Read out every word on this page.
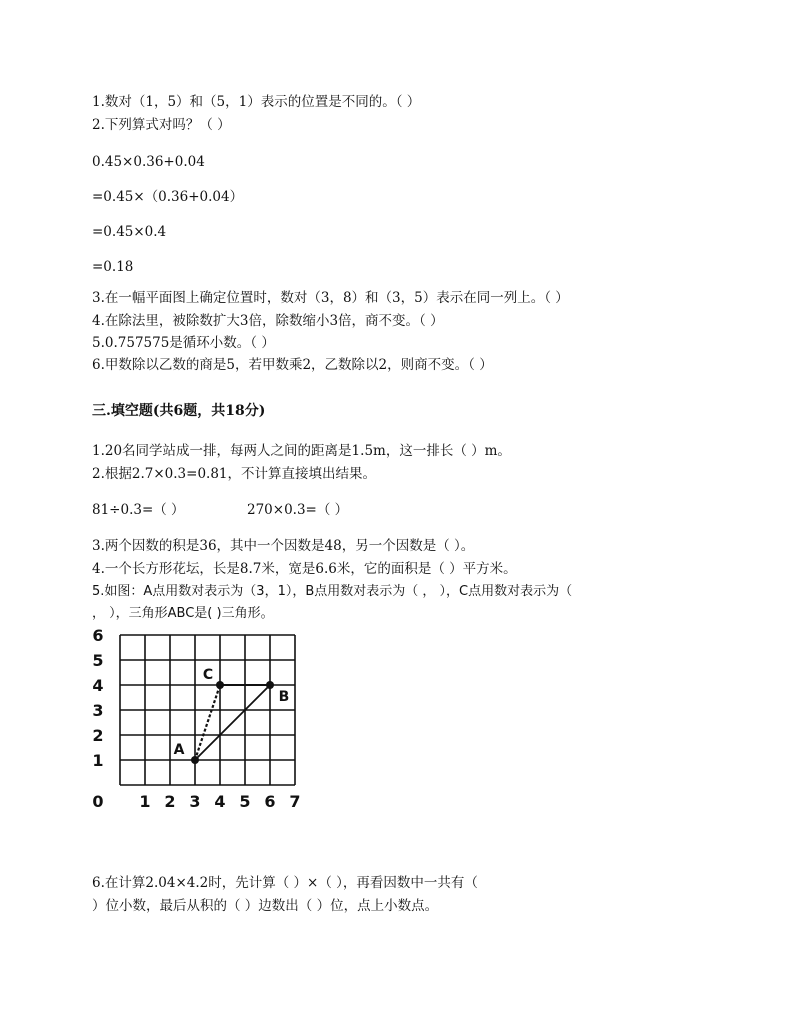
1.数对（1，5）和（5，1）表示的位置是不同的。（ ）
2.下列算式对吗？（ ）
0.45×0.36+0.04
=0.45×（0.36+0.04）
=0.45×0.4
=0.18
3.在一幅平面图上确定位置时，数对（3，8）和（3，5）表示在同一列上。（ ）
4.在除法里，被除数扩大3倍，除数缩小3倍，商不变。（ ）
5.0.757575是循环小数。（ ）
6.甲数除以乙数的商是5，若甲数乘2，乙数除以2，则商不变。（ ）
三.填空题(共6题，共18分)
1.20名同学站成一排，每两人之间的距离是1.5m，这一排长（ ）m。
2.根据2.7×0.3=0.81，不计算直接填出结果。
81÷0.3=（ ）	270×0.3=（ ）
3.两个因数的积是36，其中一个因数是48，另一个因数是（ ）。
4.一个长方形花坛，长是8.7米，宽是6.6米，它的面积是（ ）平方米。
5.如图：A点用数对表示为（3，1），B点用数对表示为（ ， ），C点用数对表示为（
， ），三角形ABC是( )三角形。
0 1 2 3 4 5 6 7
1
2
3
4
5
6
A
B
C
6.在计算2.04×4.2时，先计算（ ）×（ ），再看因数中一共有（
）位小数，最后从积的（ ）边数出（ ）位，点上小数点。
